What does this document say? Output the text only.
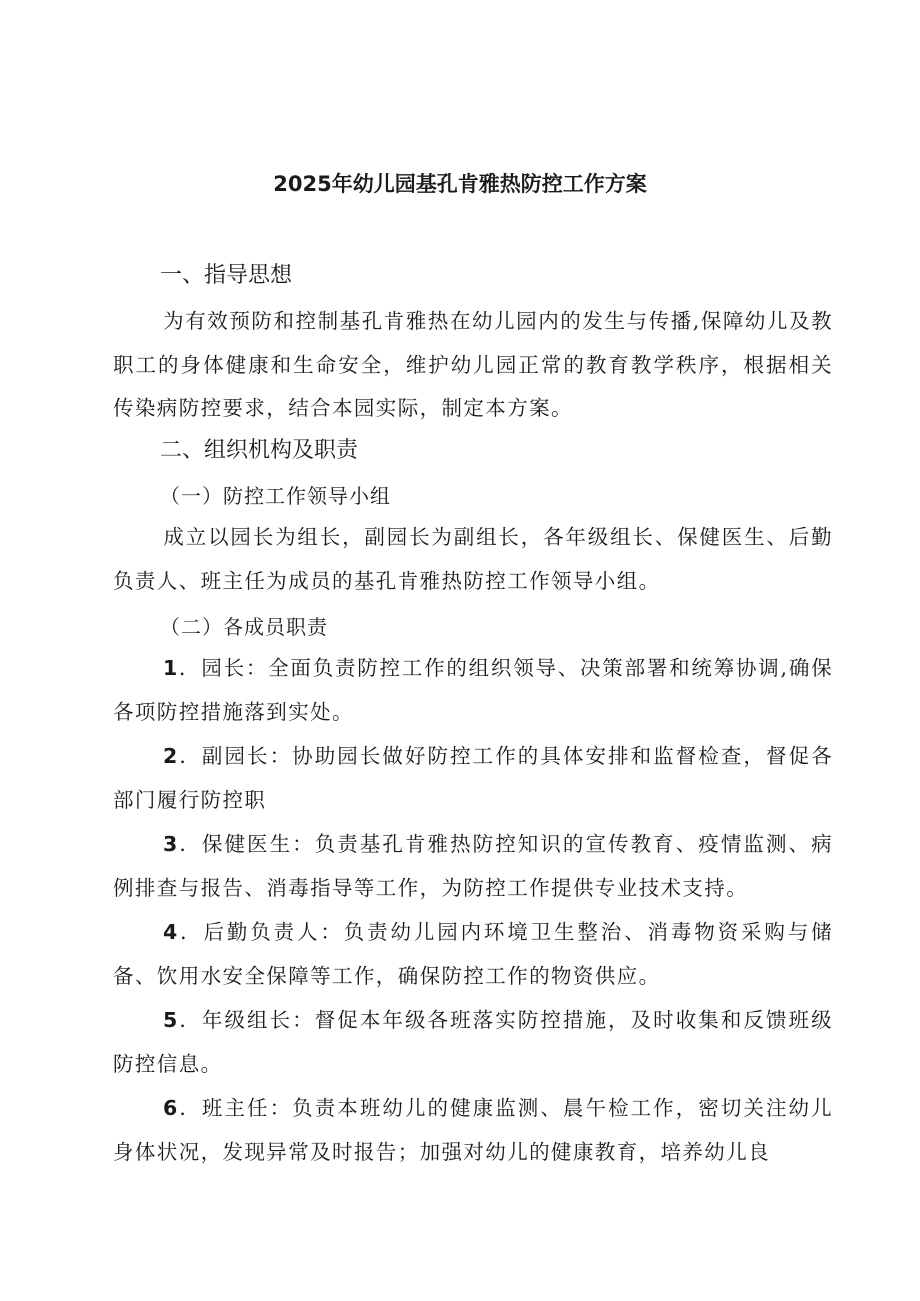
2025年幼儿园基孔肯雅热防控工作方案
一、指导思想
为有效预防和控制基孔肯雅热在幼儿园内的发生与传播,保障幼儿及教职工的身体健康和生命安全，维护幼儿园正常的教育教学秩序，根据相关传染病防控要求，结合本园实际，制定本方案。
二、组织机构及职责
（一）防控工作领导小组
成立以园长为组长，副园长为副组长，各年级组长、保健医生、后勤负责人、班主任为成员的基孔肯雅热防控工作领导小组。
（二）各成员职责
1．园长：全面负责防控工作的组织领导、决策部署和统筹协调,确保各项防控措施落到实处。
2．副园长：协助园长做好防控工作的具体安排和监督检查，督促各部门履行防控职
3．保健医生：负责基孔肯雅热防控知识的宣传教育、疫情监测、病例排查与报告、消毒指导等工作，为防控工作提供专业技术支持。
4．后勤负责人：负责幼儿园内环境卫生整治、消毒物资采购与储备、饮用水安全保障等工作，确保防控工作的物资供应。
5．年级组长：督促本年级各班落实防控措施，及时收集和反馈班级防控信息。
6．班主任：负责本班幼儿的健康监测、晨午检工作，密切关注幼儿身体状况，发现异常及时报告；加强对幼儿的健康教育，培养幼儿良
